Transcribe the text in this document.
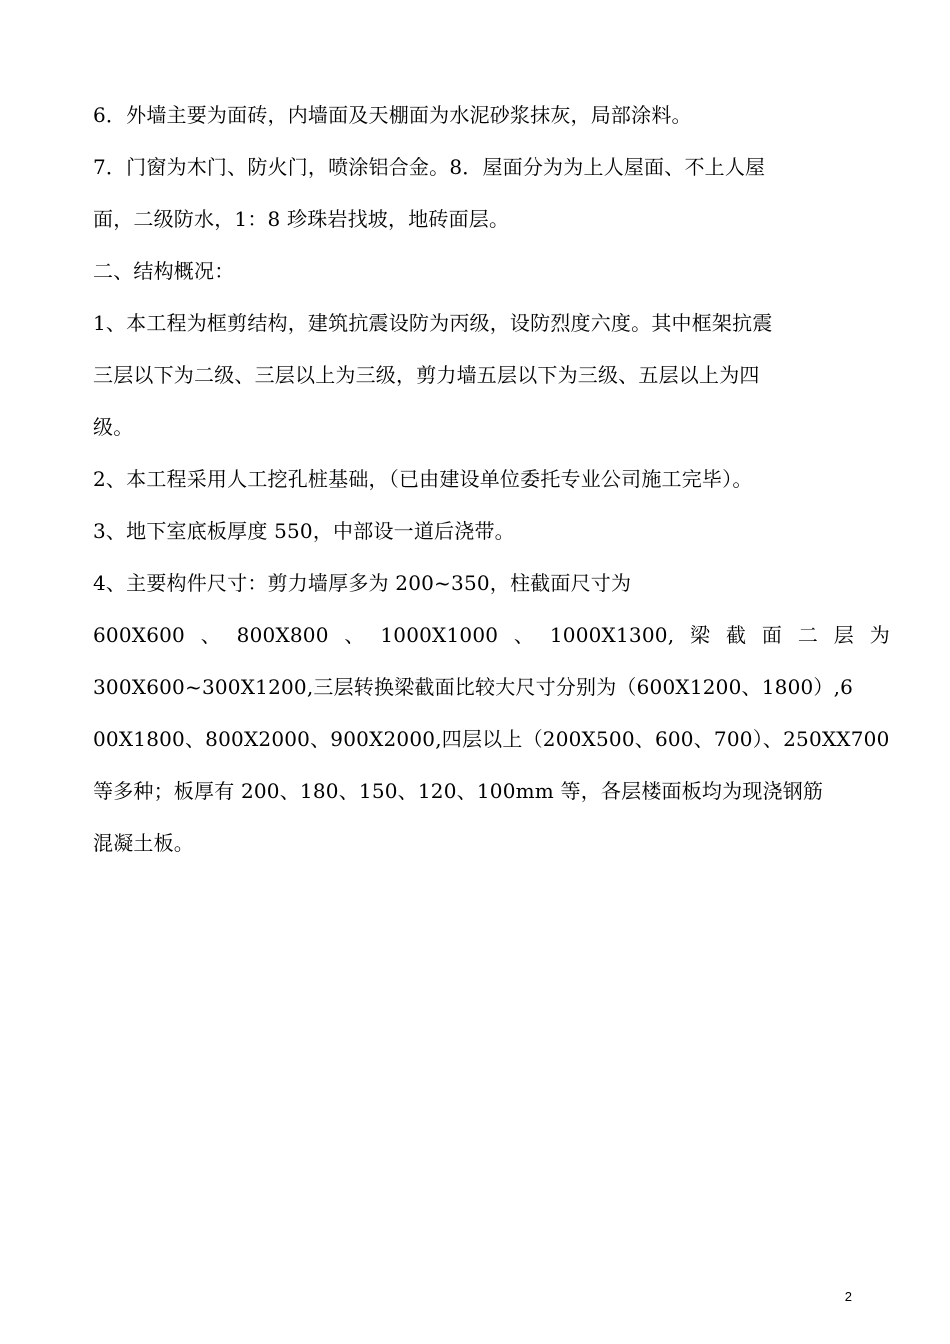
6．外墙主要为面砖，内墙面及天棚面为水泥砂浆抹灰，局部涂料。
7．门窗为木门、防火门，喷涂铝合金。8．屋面分为为上人屋面、不上人屋
面，二级防水，1：8 珍珠岩找坡，地砖面层。
二、结构概况：
1、本工程为框剪结构，建筑抗震设防为丙级，设防烈度六度。其中框架抗震
三层以下为二级、三层以上为三级，剪力墙五层以下为三级、五层以上为四
级。
2、本工程采用人工挖孔桩基础，（已由建设单位委托专业公司施工完毕）。
3、地下室底板厚度 550，中部设一道后浇带。
4、主要构件尺寸：剪力墙厚多为 200~350，柱截面尺寸为
600X600 、 800X800 、 1000X1000 、 1000X1300, 梁 截 面 二 层 为
300X600~300X1200,三层转换梁截面比较大尺寸分别为（600X1200、1800）,6
00X1800、800X2000、900X2000,四层以上（200X500、600、700）、250XX700
等多种；板厚有 200、180、150、120、100mm 等，各层楼面板均为现浇钢筋
混凝土板。
2
